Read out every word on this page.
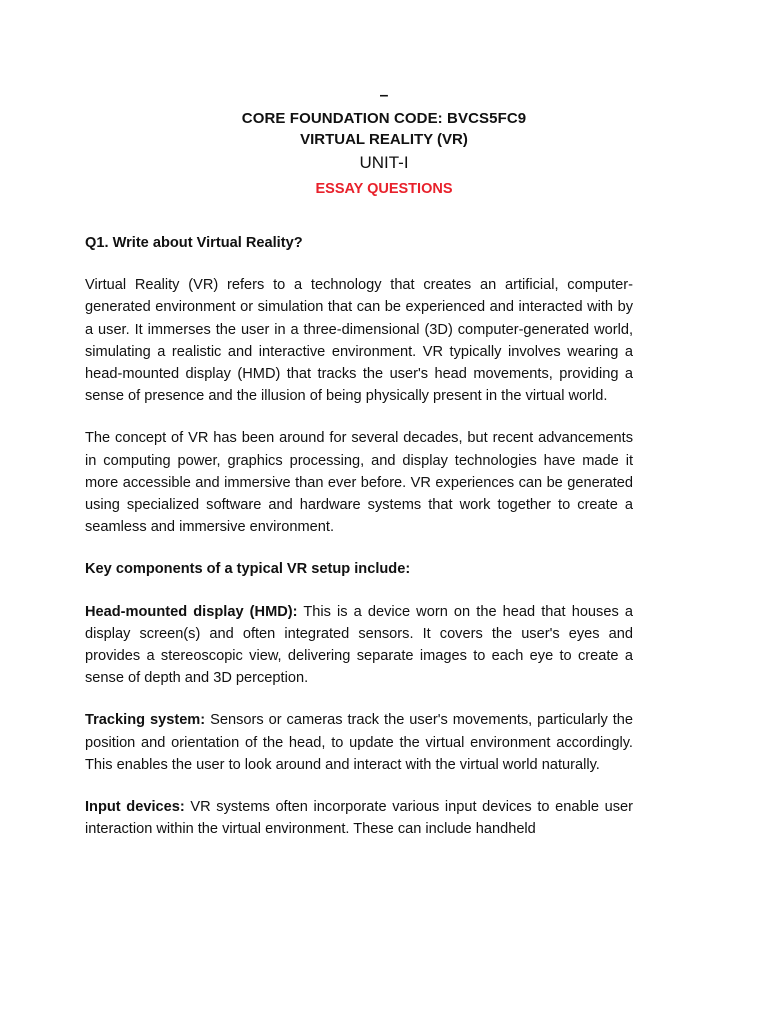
–
CORE FOUNDATION CODE: BVCS5FC9
VIRTUAL REALITY (VR)
UNIT-I
ESSAY QUESTIONS
Q1. Write about Virtual Reality?

Virtual Reality (VR) refers to a technology that creates an artificial, computer-generated environment or simulation that can be experienced and interacted with by a user. It immerses the user in a three-dimensional (3D) computer-generated world, simulating a realistic and interactive environment. VR typically involves wearing a head-mounted display (HMD) that tracks the user's head movements, providing a sense of presence and the illusion of being physically present in the virtual world.

The concept of VR has been around for several decades, but recent advancements in computing power, graphics processing, and display technologies have made it more accessible and immersive than ever before. VR experiences can be generated using specialized software and hardware systems that work together to create a seamless and immersive environment.

Key components of a typical VR setup include:

Head-mounted display (HMD): This is a device worn on the head that houses a display screen(s) and often integrated sensors. It covers the user's eyes and provides a stereoscopic view, delivering separate images to each eye to create a sense of depth and 3D perception.

Tracking system: Sensors or cameras track the user's movements, particularly the position and orientation of the head, to update the virtual environment accordingly. This enables the user to look around and interact with the virtual world naturally.

Input devices: VR systems often incorporate various input devices to enable user interaction within the virtual environment. These can include handheld
